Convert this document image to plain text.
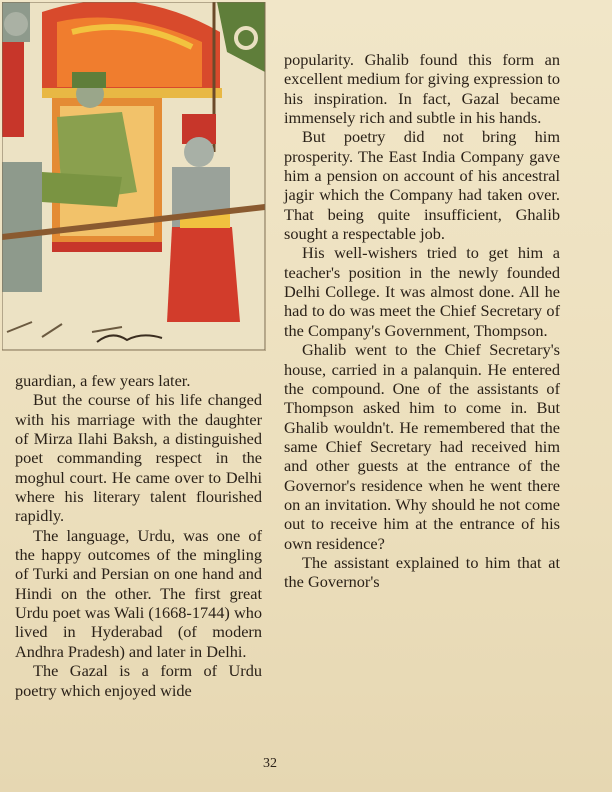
guardian, a few years later.

But the course of his life changed with his marriage with the daughter of Mirza Ilahi Baksh, a distinguished poet commanding respect in the moghul court. He came over to Delhi where his literary talent flourished rapidly.

The language, Urdu, was one of the happy outcomes of the mingling of Turki and Persian on one hand and Hindi on the other. The first great Urdu poet was Wali (1668-1744) who lived in Hyderabad (of modern Andhra Pradesh) and later in Delhi.

The Gazal is a form of Urdu poetry which enjoyed wide

popularity. Ghalib found this form an excellent medium for giving expression to his inspiration. In fact, Gazal became immensely rich and subtle in his hands.

But poetry did not bring him prosperity. The East India Company gave him a pension on account of his ancestral jagir which the Company had taken over. That being quite insufficient, Ghalib sought a respectable job.

His well-wishers tried to get him a teacher's position in the newly founded Delhi College. It was almost done. All he had to do was meet the Chief Secretary of the Company's Government, Thompson.

Ghalib went to the Chief Secretary's house, carried in a palanquin. He entered the compound. One of the assistants of Thompson asked him to come in. But Ghalib wouldn't. He remembered that the same Chief Secretary had received him and other guests at the entrance of the Governor's residence when he went there on an invitation. Why should he not come out to receive him at the entrance of his own residence?

The assistant explained to him that at the Governor's

32
